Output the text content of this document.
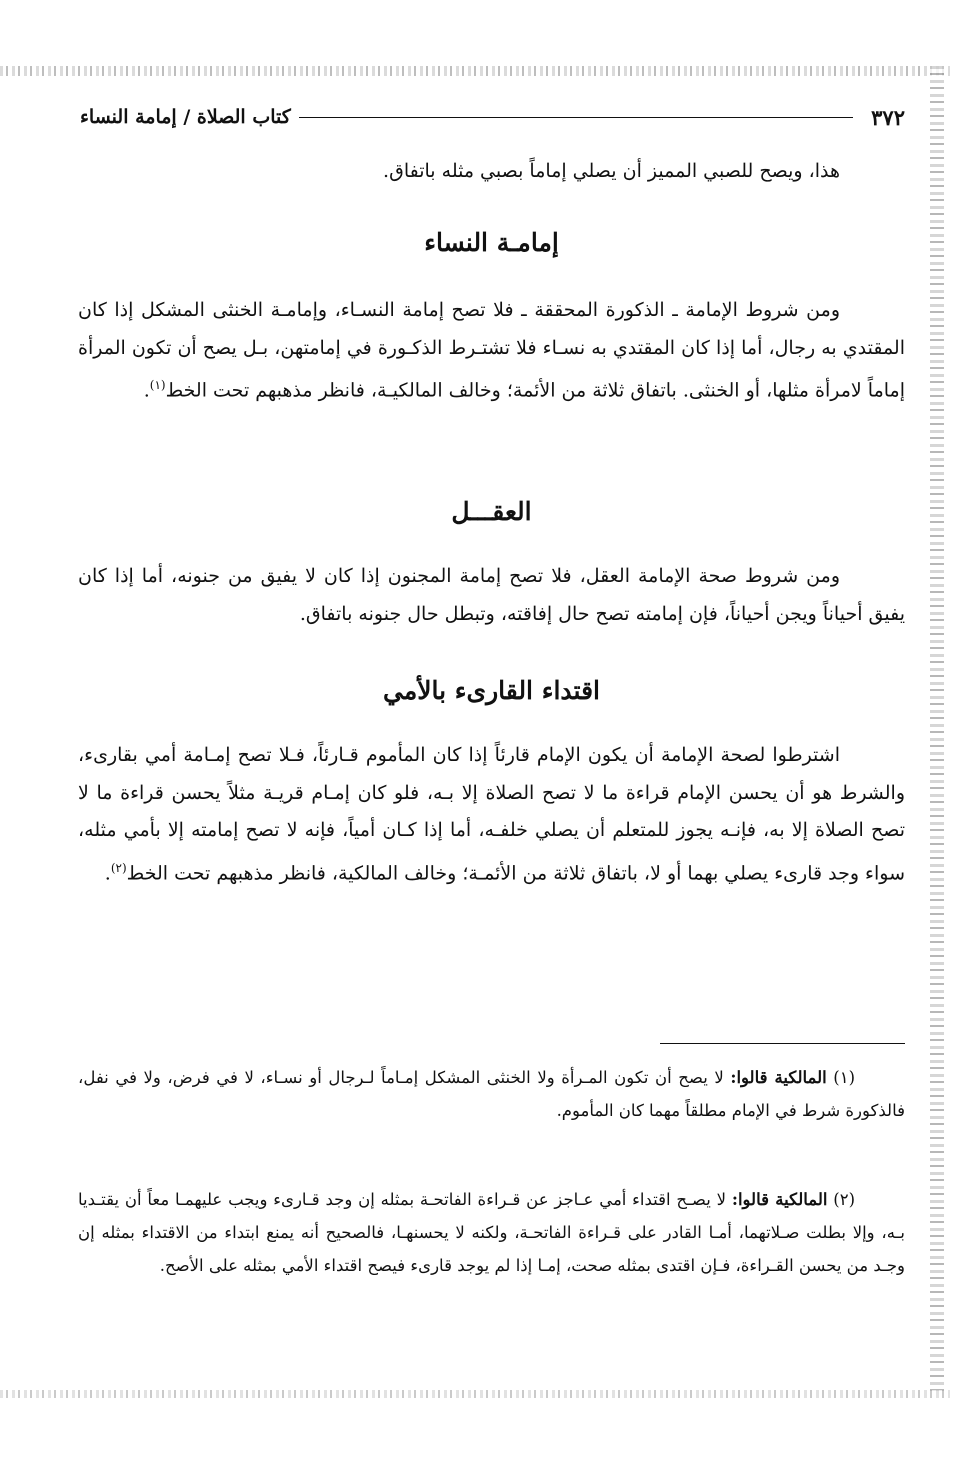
٣٧٢
كتاب الصلاة / إمامة النساء

هذا، ويصح للصبي المميز أن يصلي إماماً بصبي مثله باتفاق.

إمامـة النساء

ومن شروط الإمامة ـ الذكورة المحققة ـ فلا تصح إمامة النسـاء، وإمامـة الخنثى المشكل إذا كان المقتدي به رجال، أما إذا كان المقتدي به نسـاء فلا تشتـرط الذكـورة في إمامتهن، بـل يصح أن تكون المرأة إماماً لامرأة مثلها، أو الخنثى. باتفاق ثلاثة من الأئمة؛ وخالف المالكيـة، فانظر مذهبهم تحت الخط$^{(١)}$.

العقـــل

ومن شروط صحة الإمامة العقل، فلا تصح إمامة المجنون إذا كان لا يفيق من جنونه، أما إذا كان يفيق أحياناً ويجن أحياناً، فإن إمامته تصح حال إفاقته، وتبطل حال جنونه باتفاق.

اقتداء القارىء بالأمي

اشترطوا لصحة الإمامة أن يكون الإمام قارئاً إذا كان المأموم قـارئاً، فـلا تصح إمـامة أمي بقارىء، والشرط هو أن يحسن الإمام قراءة ما لا تصح الصلاة إلا بـه، فلو كان إمـام قريـة مثلاً يحسن قراءة ما لا تصح الصلاة إلا به، فإنـه يجوز للمتعلم أن يصلي خلفـه، أما إذا كـان أمياً، فإنه لا تصح إمامته إلا بأمي مثله، سواء وجد قارىء يصلي بهما أو لا، باتفاق ثلاثة من الأئمـة؛ وخالف المالكية، فانظر مذهبهم تحت الخط$^{(٢)}$.

(١) المالكية قالوا: لا يصح أن تكون المـرأة ولا الخنثى المشكل إمـاماً لـرجال أو نسـاء، لا في فرض، ولا في نفل، فالذكورة شرط في الإمام مطلقاً مهما كان المأموم.

(٢) المالكية قالوا: لا يصـح اقتداء أمي عـاجز عن قـراءة الفاتحـة بمثله إن وجد قـارىء ويجب عليهمـا معاً أن يقتـديا بـه، وإلا بطلت صـلاتهما، أمـا القادر على قـراءة الفاتحـة، ولكنه لا يحسنهـا، فالصحيح أنه يمنع ابتداء من الاقتداء بمثله إن وجـد من يحسن القـراءة، فـإن اقتدى بمثله صحت، إمـا إذا لم يوجد قارىء فيصح اقتداء الأمي بمثله على الأصح.
